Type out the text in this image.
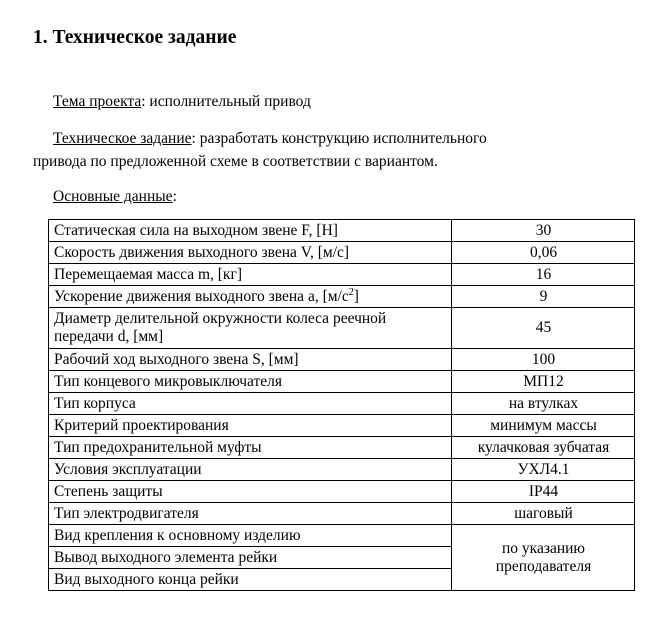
1. Техническое задание
Тема проекта: исполнительный привод
Техническое задание: разработать конструкцию исполнительного
привода по предложенной схеме в соответствии с вариантом.
Основные данные:
Статическая сила на выходном звене F, [Н]	30
Скорость движения выходного звена V, [м/с]	0,06
Перемещаемая масса m, [кг]	16
Ускорение движения выходного звена a, $[м/с^2]$	9
Диаметр делительной окружности колеса реечной
передачи d, [мм]	45
Рабочий ход выходного звена S, [мм]	100
Тип концевого микровыключателя	МП12
Тип корпуса	на втулках
Критерий проектирования	минимум массы
Тип предохранительной муфты	кулачковая зубчатая
Условия эксплуатации	УХЛ4.1
Степень защиты	IP44
Тип электродвигателя	шаговый
Вид крепления к основному изделию	по указанию
преподавателя
Вывод выходного элемента рейки	
Вид выходного конца рейки	
